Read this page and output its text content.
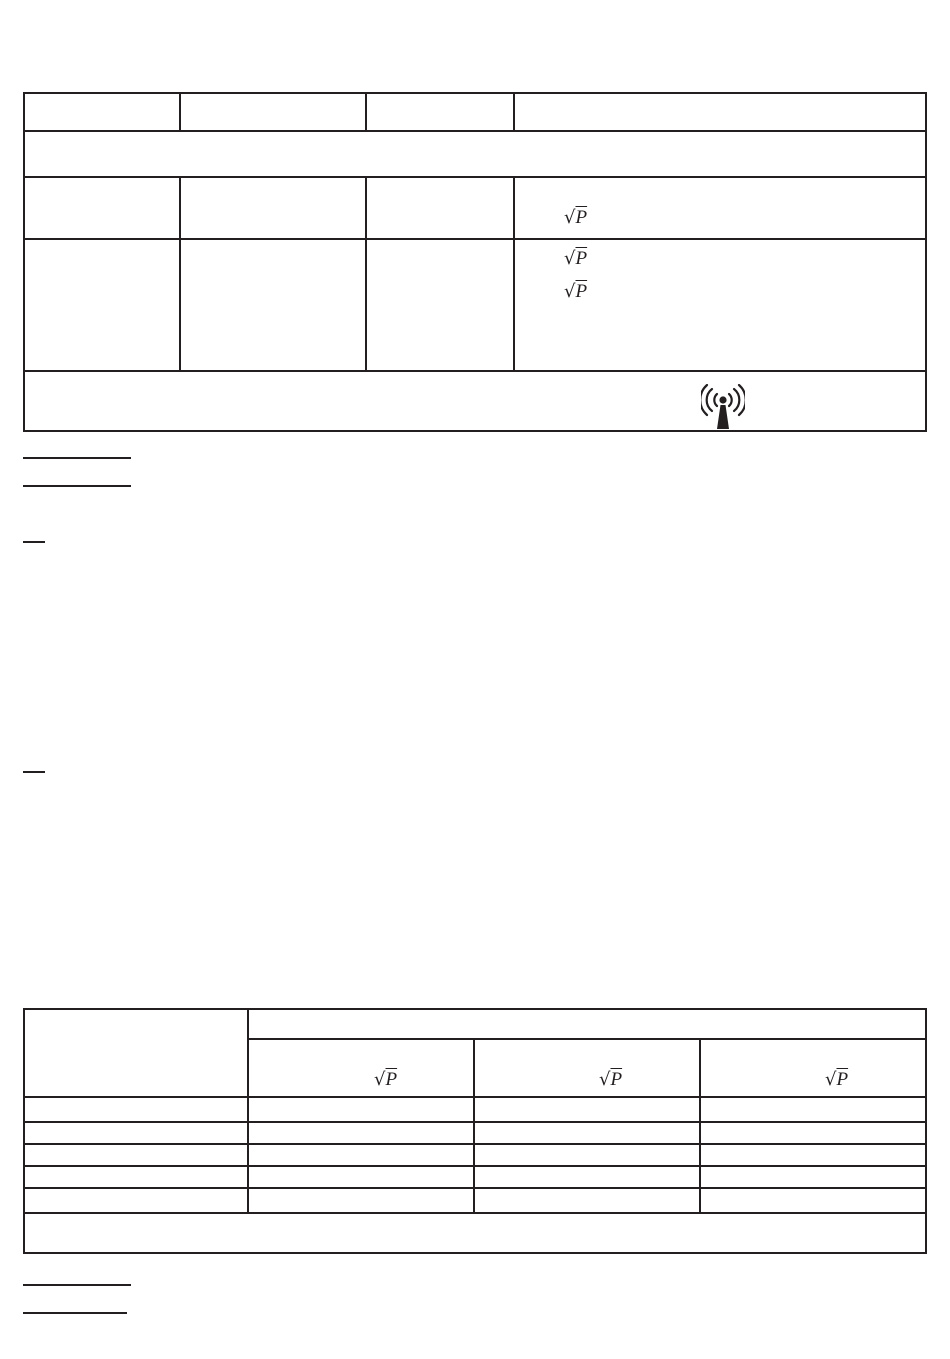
√P
√P
√P
√P	√P	√P
